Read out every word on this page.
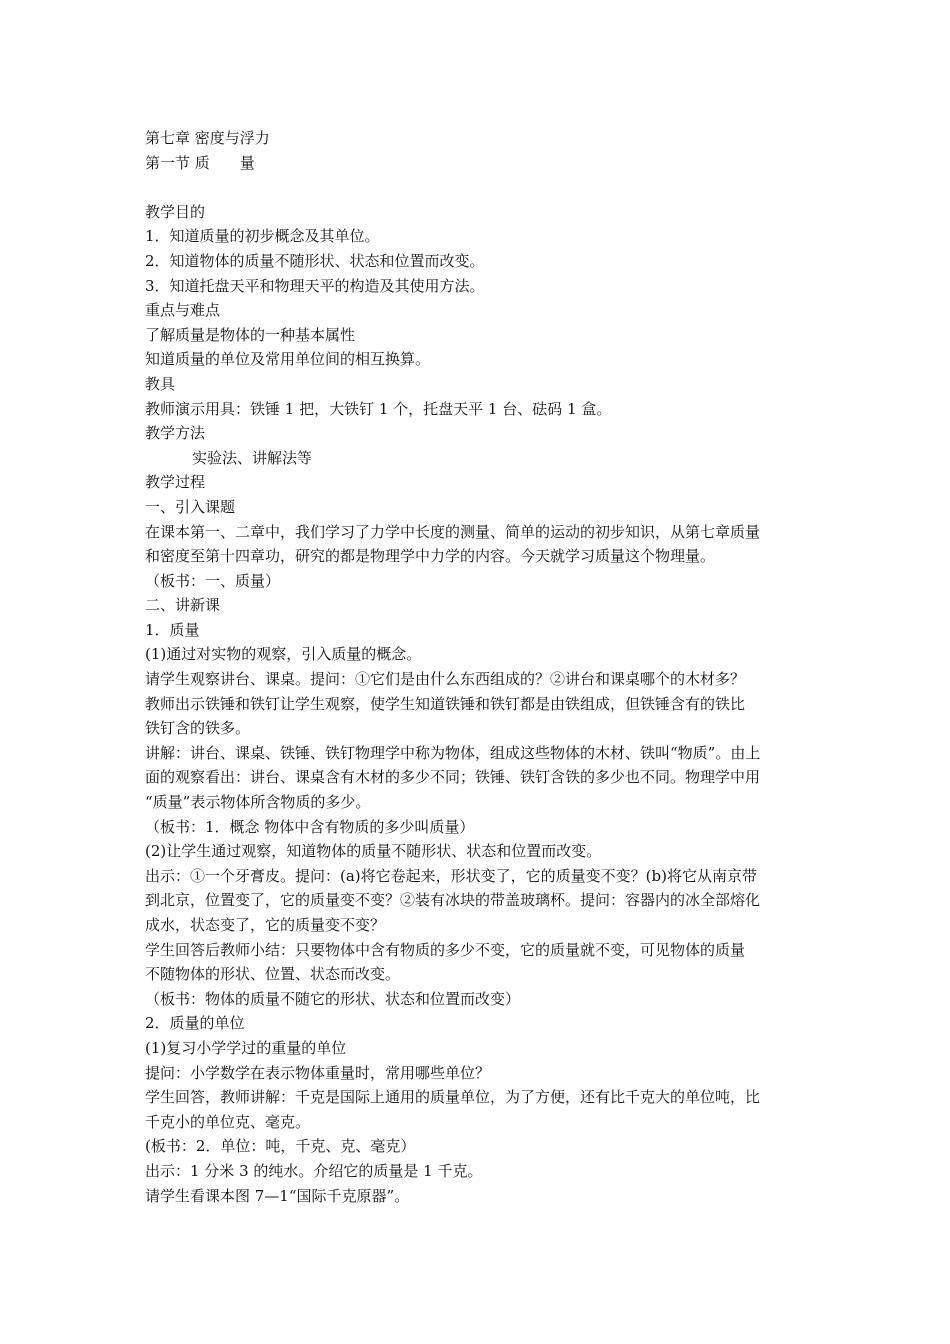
第七章 密度与浮力
第一节 质 量
教学目的
1．知道质量的初步概念及其单位。
2．知道物体的质量不随形状、状态和位置而改变。
3．知道托盘天平和物理天平的构造及其使用方法。
重点与难点
了解质量是物体的一种基本属性
知道质量的单位及常用单位间的相互换算。
教具
教师演示用具：铁锤 1 把，大铁钉 1 个，托盘天平 1 台、砝码 1 盒。
教学方法
实验法、讲解法等
教学过程
一、引入课题
在课本第一、二章中，我们学习了力学中长度的测量、简单的运动的初步知识，从第七章质量
和密度至第十四章功，研究的都是物理学中力学的内容。今天就学习质量这个物理量。
（板书：一、质量）
二、讲新课
1．质量
(1)通过对实物的观察，引入质量的概念。
请学生观察讲台、课桌。提问：①它们是由什么东西组成的？②讲台和课桌哪个的木材多？
教师出示铁锤和铁钉让学生观察，使学生知道铁锤和铁钉都是由铁组成，但铁锤含有的铁比
铁钉含的铁多。
讲解：讲台、课桌、铁锤、铁钉物理学中称为物体，组成这些物体的木材、铁叫“物质”。由上
面的观察看出：讲台、课桌含有木材的多少不同；铁锤、铁钉含铁的多少也不同。物理学中用
“质量”表示物体所含物质的多少。
（板书：1．概念 物体中含有物质的多少叫质量）
(2)让学生通过观察，知道物体的质量不随形状、状态和位置而改变。
出示：①一个牙膏皮。提问：(a)将它卷起来，形状变了，它的质量变不变？(b)将它从南京带
到北京，位置变了，它的质量变不变？②装有冰块的带盖玻璃杯。提问：容器内的冰全部熔化
成水，状态变了，它的质量变不变？
学生回答后教师小结：只要物体中含有物质的多少不变，它的质量就不变，可见物体的质量
不随物体的形状、位置、状态而改变。
（板书：物体的质量不随它的形状、状态和位置而改变）
2．质量的单位
(1)复习小学学过的重量的单位
提问：小学数学在表示物体重量时，常用哪些单位？
学生回答，教师讲解：千克是国际上通用的质量单位，为了方便，还有比千克大的单位吨，比
千克小的单位克、毫克。
(板书：2．单位：吨，千克、克、毫克）
出示：1 分米 3 的纯水。介绍它的质量是 1 千克。
请学生看课本图 7—1“国际千克原器”。
